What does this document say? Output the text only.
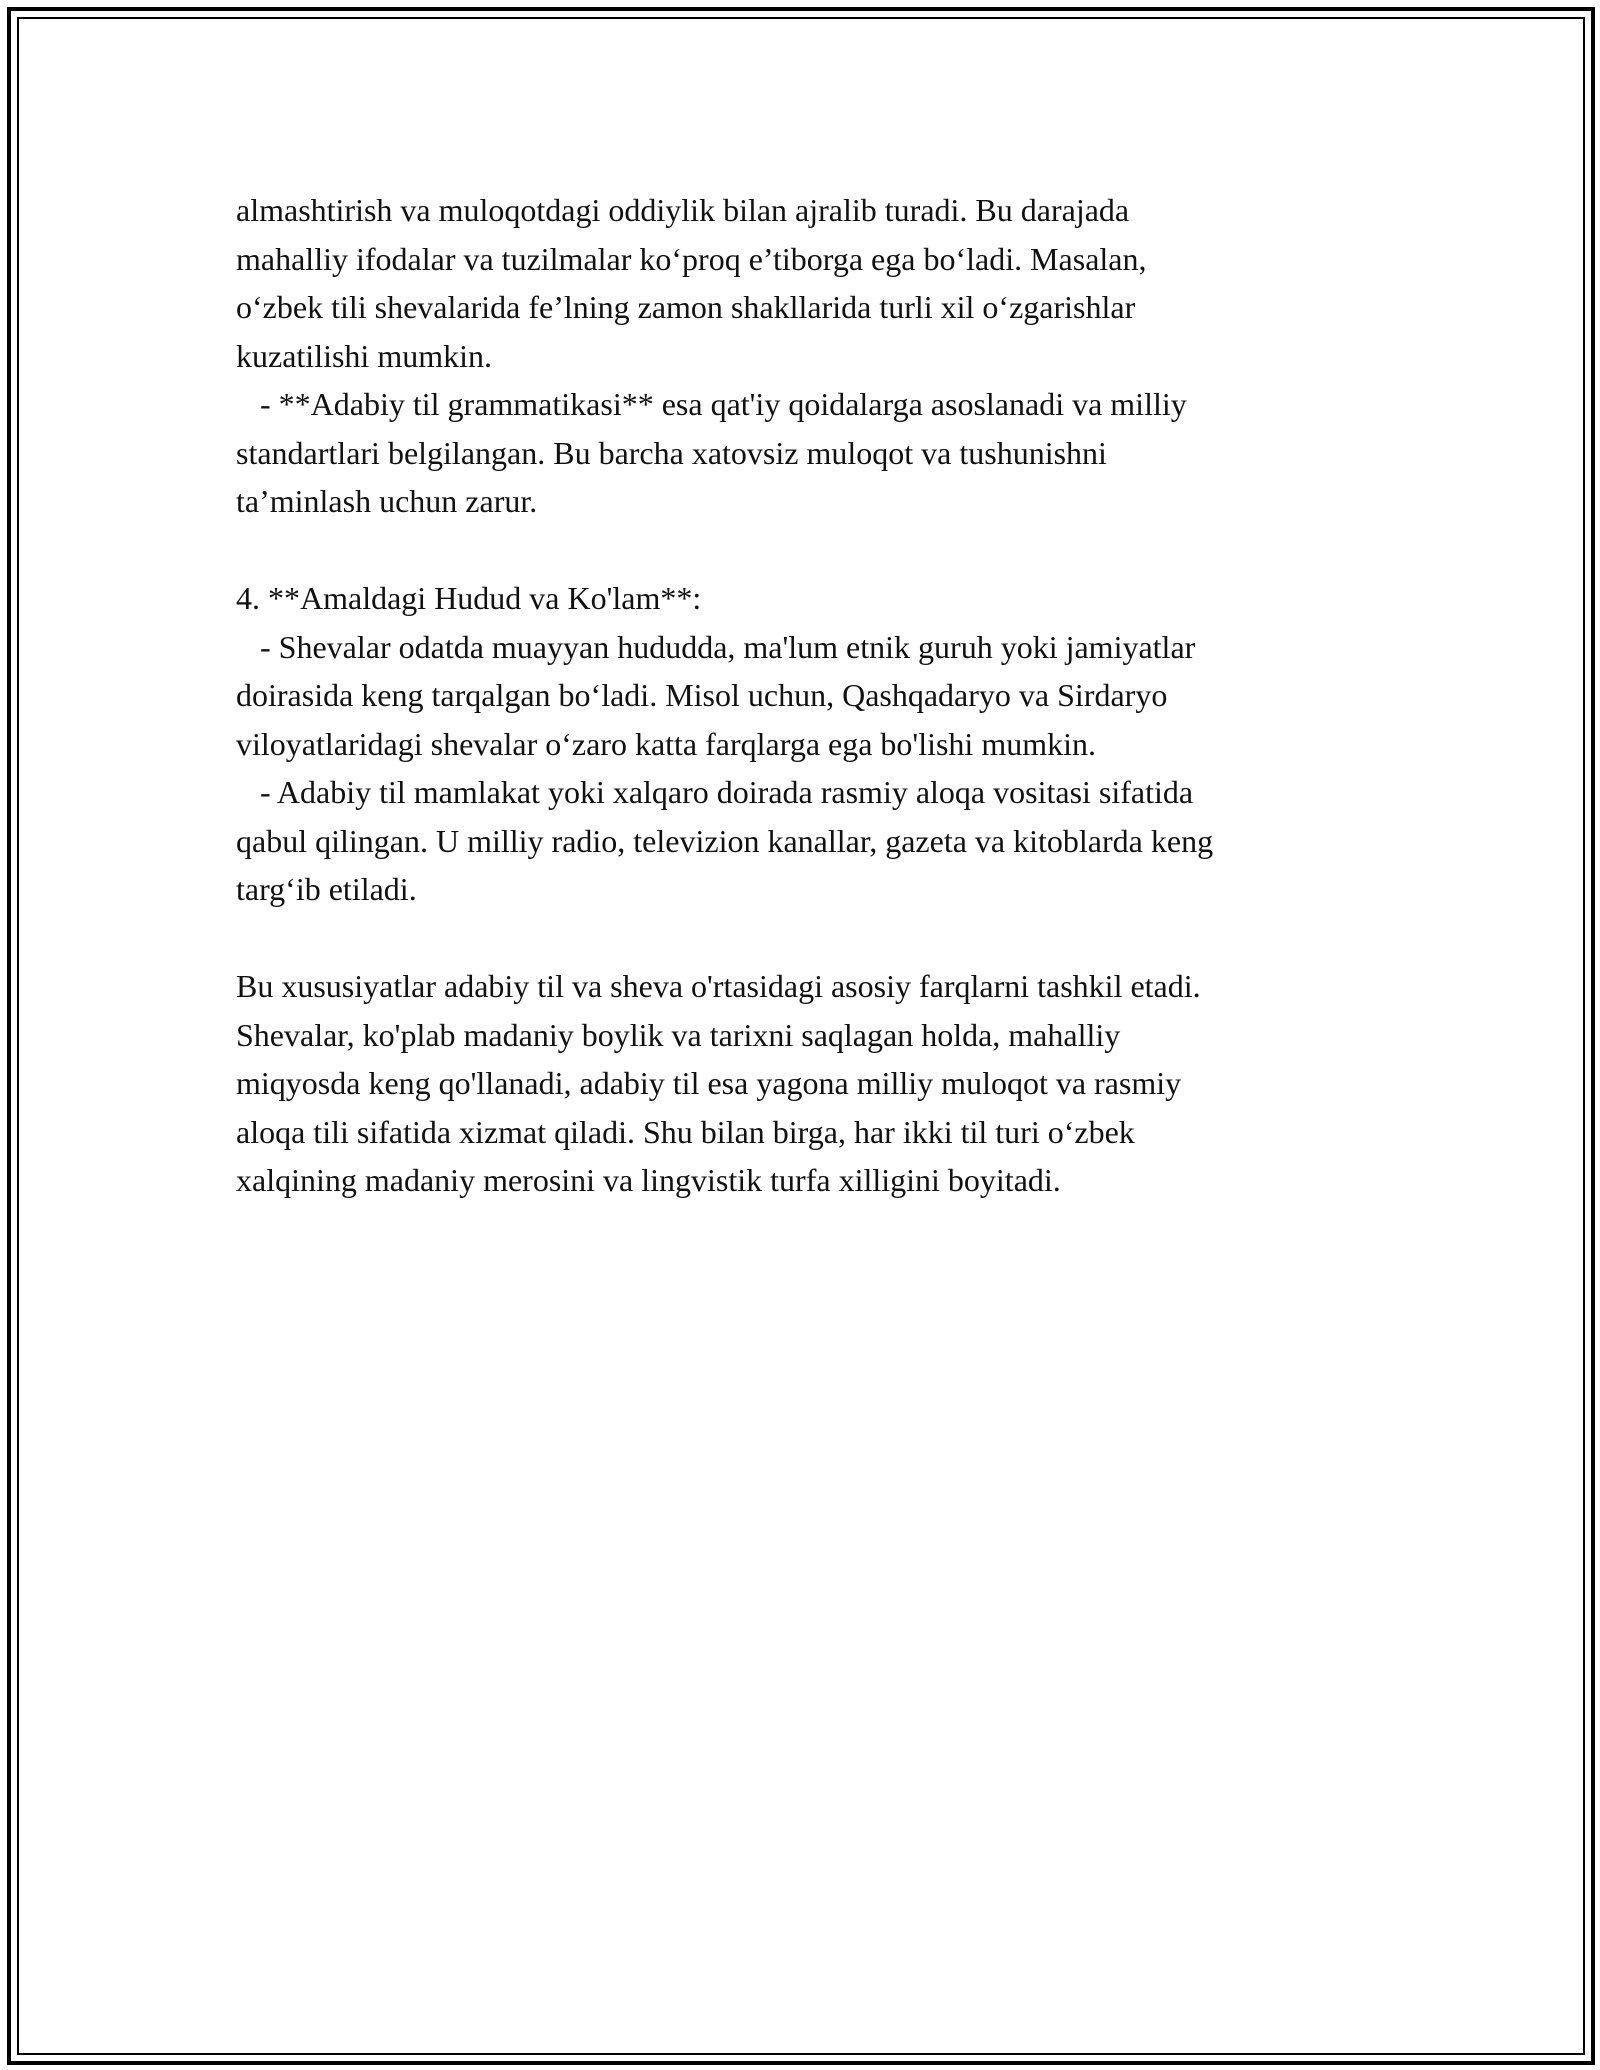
almashtirish va muloqotdagi oddiylik bilan ajralib turadi. Bu darajada
mahalliy ifodalar va tuzilmalar ko‘proq e’tiborga ega bo‘ladi. Masalan,
o‘zbek tili shevalarida fe’lning zamon shakllarida turli xil o‘zgarishlar
kuzatilishi mumkin.
- **Adabiy til grammatikasi** esa qat'iy qoidalarga asoslanadi va milliy
standartlari belgilangan. Bu barcha xatovsiz muloqot va tushunishni
ta’minlash uchun zarur.
4. **Amaldagi Hudud va Ko'lam**:
- Shevalar odatda muayyan hududda, ma'lum etnik guruh yoki jamiyatlar
doirasida keng tarqalgan bo‘ladi. Misol uchun, Qashqadaryo va Sirdaryo
viloyatlaridagi shevalar o‘zaro katta farqlarga ega bo'lishi mumkin.
- Adabiy til mamlakat yoki xalqaro doirada rasmiy aloqa vositasi sifatida
qabul qilingan. U milliy radio, televizion kanallar, gazeta va kitoblarda keng
targ‘ib etiladi.
Bu xususiyatlar adabiy til va sheva o'rtasidagi asosiy farqlarni tashkil etadi.
Shevalar, ko'plab madaniy boylik va tarixni saqlagan holda, mahalliy
miqyosda keng qo'llanadi, adabiy til esa yagona milliy muloqot va rasmiy
aloqa tili sifatida xizmat qiladi. Shu bilan birga, har ikki til turi o‘zbek
xalqining madaniy merosini va lingvistik turfa xilligini boyitadi.
